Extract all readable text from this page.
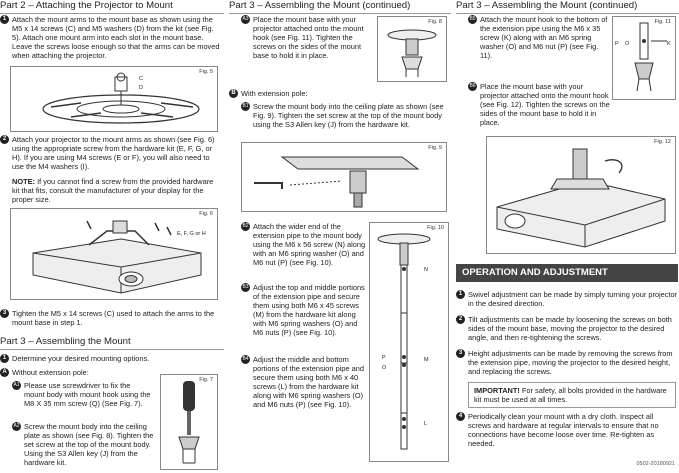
Part 2 – Attaching the Projector to Mount
1 Attach the mount arms to the mount base as shown using the M5 x 14 screws (C) and M5 washers (D) from the kit (see Fig. 5). Attach one mount arm into each slot in the mount base. Leave the screws loose enough so that the arms can be moved when attaching the projector.
Fig. 5
C
D
2 Attach your projector to the mount arms as shown (see Fig. 6) using the appropriate screw from the hardware kit (E, F, G, or H). If you are using M4 screws (E or F), you will also need to use the M4 washers (I).
NOTE: If you cannot find a screw from the provided hardware kit that fits, consult the manufacturer of your display for the proper size.
Fig. 6
E, F, G or H
3 Tighten the M5 x 14 screws (C) used to attach the arms to the mount base in step 1.
Part 3 – Assembling the Mount
1 Determine your desired mounting options.
A Without extension pole:
A1 Please use screwdriver to fix the mount body with mount hook using the M8 X 35 mm screw (Q) (See Fig. 7).
Fig. 7
A2 Screw the mount body into the ceiling plate as shown (see Fig. 8). Tighten the set screw at the top of the mount body. Using the S3 Allen key (J) from the hardware kit.
Part 3 – Assembling the Mount (continued)
A3 Place the mount base with your projector attached onto the mount hook (see Fig. 11). Tighten the screws on the sides of the mount base to hold it in place.
Fig. 8
B With extension pole:
B1 Screw the mount body into the ceiling plate as shown (see Fig. 9). Tighten the set screw at the top of the mount body using the S3 Allen key (J) from the hardware kit.
Fig. 9
B2 Attach the wider end of the extension pipe to the mount body using the M6 x 56 screw (N) along with an M6 spring washer (O) and M6 nut (P) (see Fig. 10).
Fig. 10
N
P	M
O
L
B3 Adjust the top and middle portions of the extension pipe and secure them using both M6 x 45 screws (M) from the hardware kit along with M6 spring washers (O) and M6 nuts (P) (see Fig. 10).
B4 Adjust the middle and bottom portions of the extension pipe and secure them using both M6 x 40 screws (L) from the hardware kit along with M6 spring washers (O) and M6 nuts (P) (see Fig. 10).
Part 3 – Assembling the Mount (continued)
B5 Attach the mount hook to the bottom of the extension pipe using the M6 x 35 screw (K) along with an M6 spring washer (O) and M6 nut (P) (see Fig. 11).
Fig. 11
P O	K
B6 Place the mount base with your projector attached onto the mount hook (see Fig. 12). Tighten the screws on the sides of the mount base to hold it in place.
Fig. 12
OPERATION AND ADJUSTMENT
1 Swivel adjustment can be made by simply turning your projector in the desired direction.
2 Tilt adjustments can be made by loosening the screws on both sides of the mount base, moving the projector to the desired angle, and then re-tightening the screws.
3 Height adjustments can be made by removing the screws from the extension pipe, moving the projector to the desired height, and replacing the screws.
IMPORTANT! For safety, all bolts provided in the hardware kit must be used at all times.
4 Periodically clean your mount with a dry cloth. Inspect all screws and hardware at regular intervals to ensure that no connections have become loose over time. Re-tighten as needed.
0502-20180921
